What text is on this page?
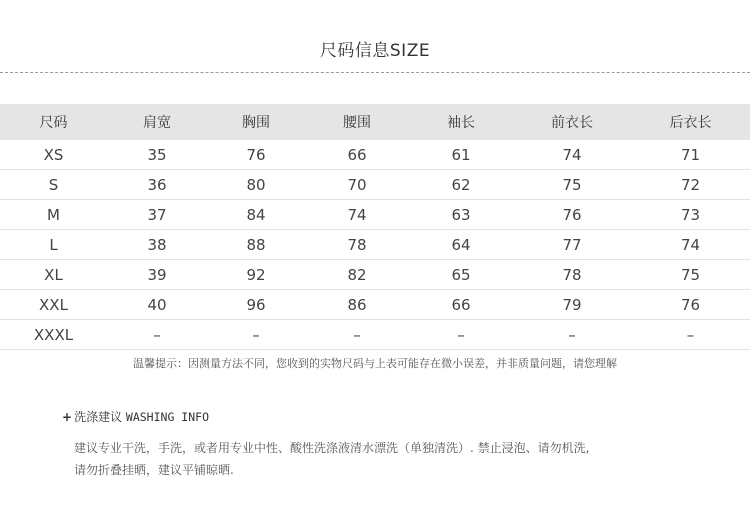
尺码信息SIZE
尺码	肩宽	胸围	腰围	袖长	前衣长	后衣长
XS	35	76	66	61	74	71
S	36	80	70	62	75	72
M	37	84	74	63	76	73
L	38	88	78	64	77	74
XL	39	92	82	65	78	75
XXL	40	96	86	66	79	76
XXXL	–	–	–	–	–	–
温馨提示：因测量方法不同，您收到的实物尺码与上表可能存在微小误差，并非质量问题，请您理解
+ 洗涤建议 WASHING INFO
建议专业干洗，手洗，或者用专业中性、酸性洗涤液清水漂洗（单独清洗）. 禁止浸泡、请勿机洗,
请勿折叠挂晒，建议平铺晾晒.
